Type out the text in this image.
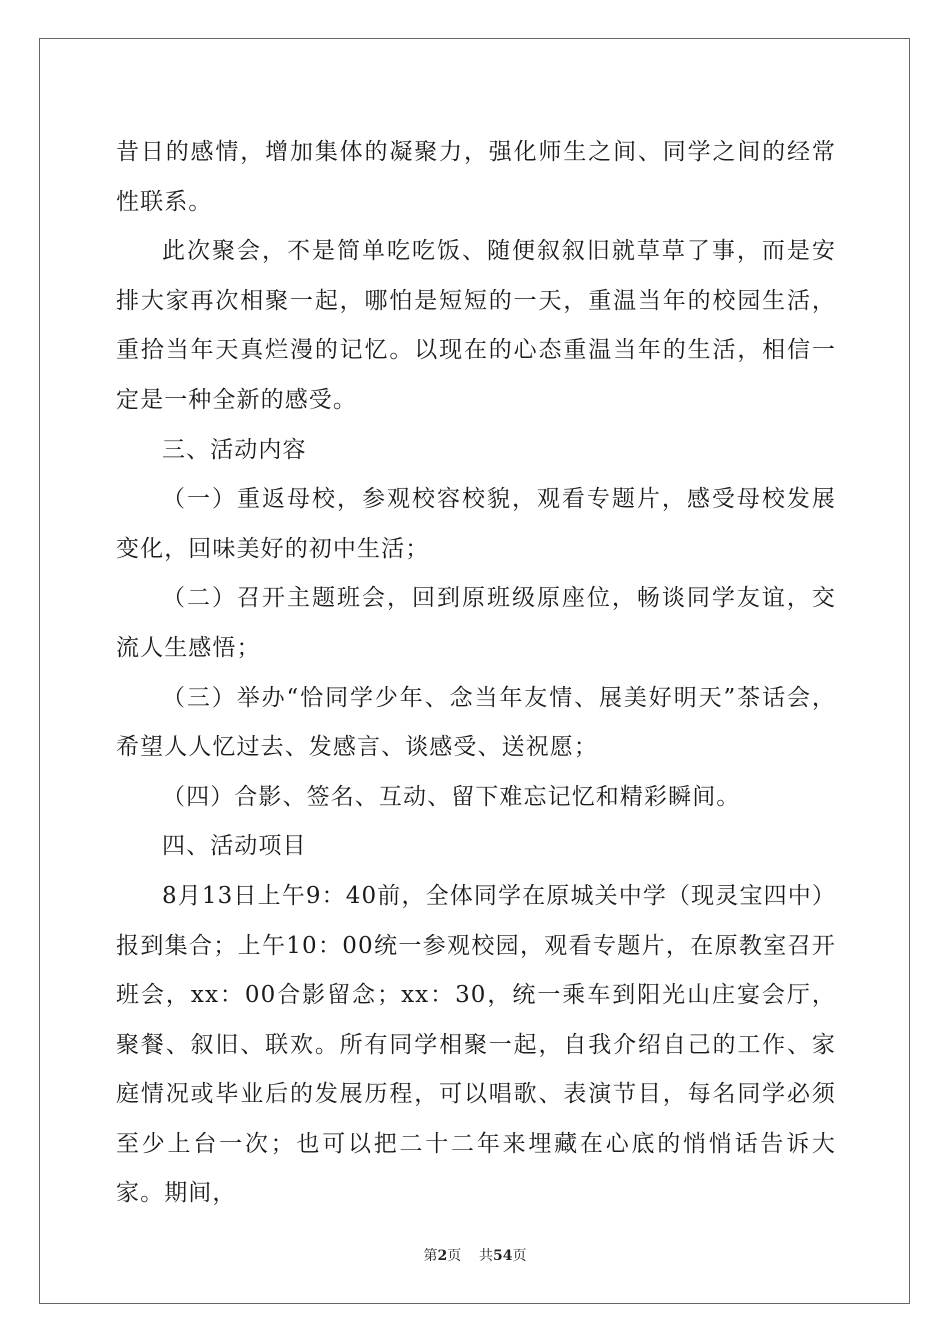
昔日的感情，增加集体的凝聚力，强化师生之间、同学之间的经常性联系。

此次聚会，不是简单吃吃饭、随便叙叙旧就草草了事，而是安排大家再次相聚一起，哪怕是短短的一天，重温当年的校园生活，重拾当年天真烂漫的记忆。以现在的心态重温当年的生活，相信一定是一种全新的感受。

三、活动内容

（一）重返母校，参观校容校貌，观看专题片，感受母校发展变化，回味美好的初中生活；

（二）召开主题班会，回到原班级原座位，畅谈同学友谊，交流人生感悟；

（三）举办“恰同学少年、念当年友情、展美好明天”茶话会，希望人人忆过去、发感言、谈感受、送祝愿；

（四）合影、签名、互动、留下难忘记忆和精彩瞬间。

四、活动项目

8月13日上午9：40前，全体同学在原城关中学（现灵宝四中）报到集合；上午10：00统一参观校园，观看专题片，在原教室召开班会，xx：00合影留念；xx：30，统一乘车到阳光山庄宴会厅，聚餐、叙旧、联欢。所有同学相聚一起，自我介绍自己的工作、家庭情况或毕业后的发展历程，可以唱歌、表演节目，每名同学必须至少上台一次；也可以把二十二年来埋藏在心底的悄悄话告诉大家。期间，

第2页 共54页
